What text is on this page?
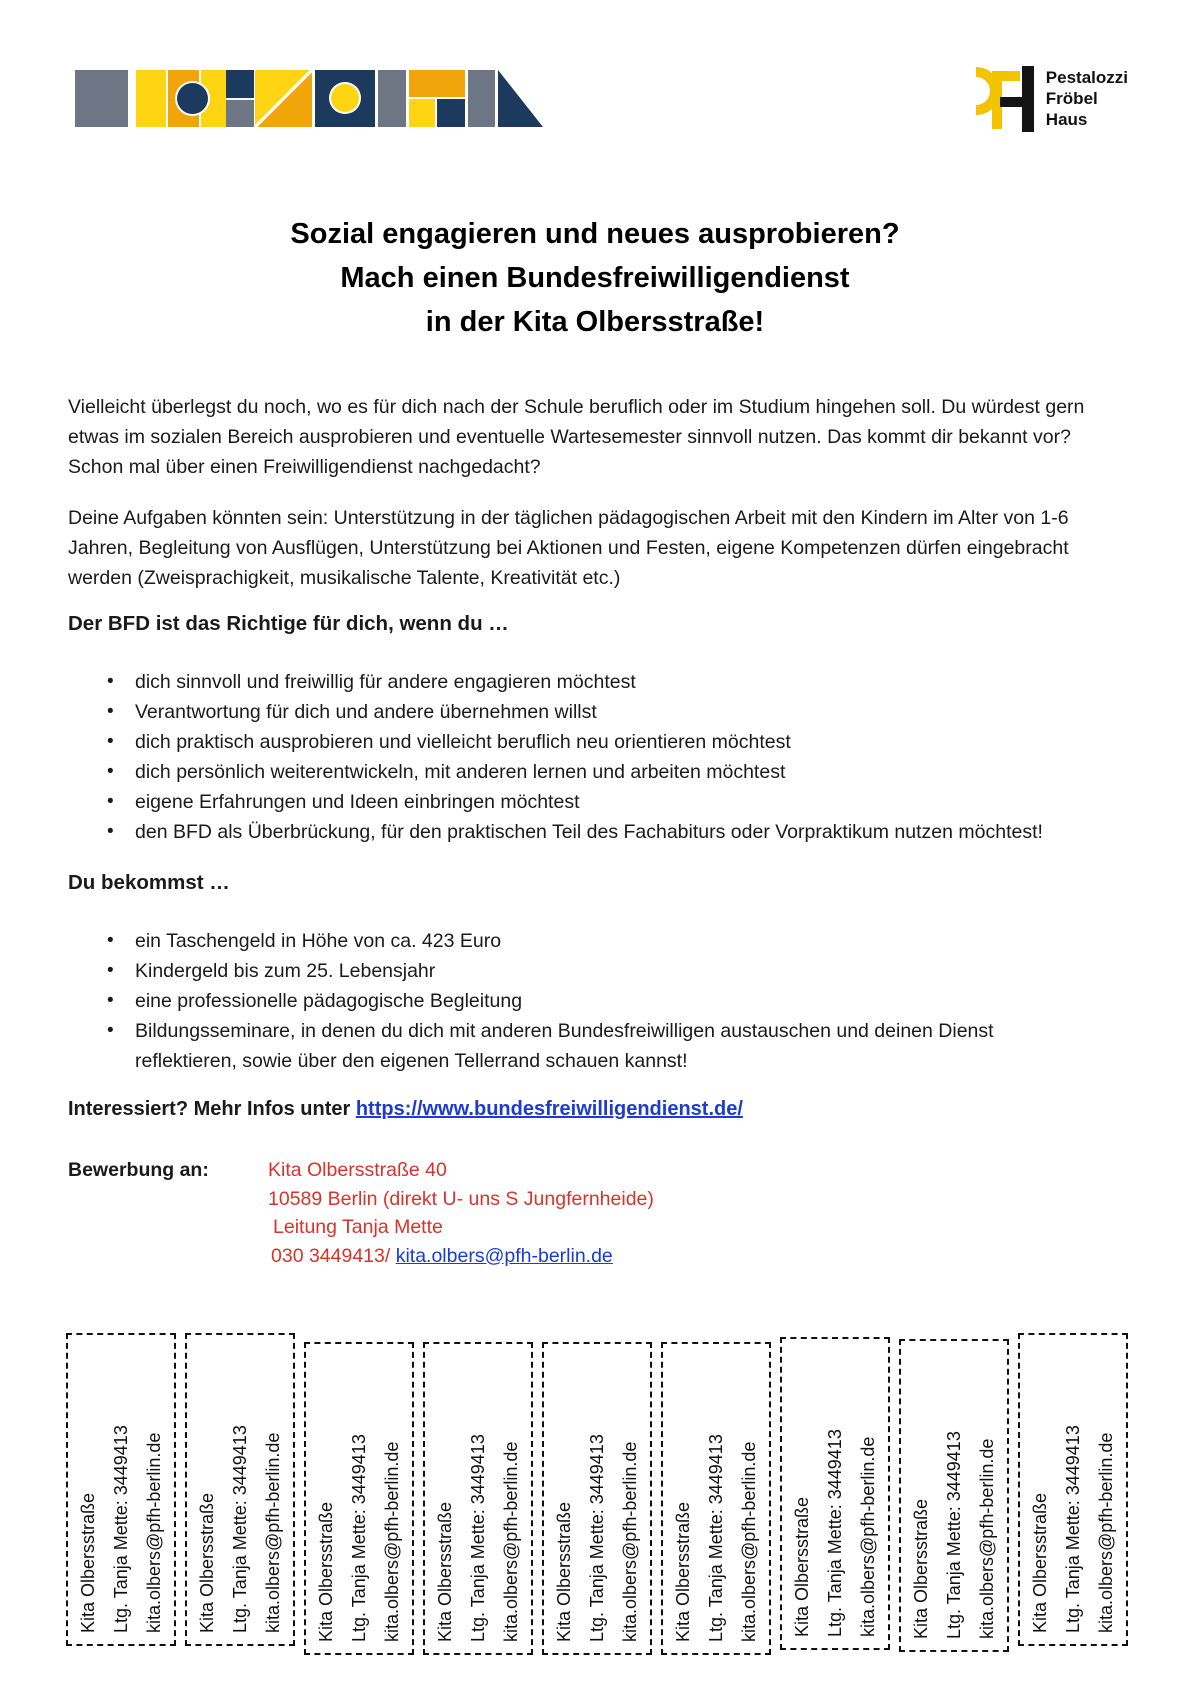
Pestalozzi
Fröbel
Haus
Sozial engagieren und neues ausprobieren?
Mach einen Bundesfreiwilligendienst
in der Kita Olbersstraße!

Vielleicht überlegst du noch, wo es für dich nach der Schule beruflich oder im Studium hingehen soll. Du würdest gern etwas im sozialen Bereich ausprobieren und eventuelle Wartesemester sinnvoll nutzen. Das kommt dir bekannt vor? Schon mal über einen Freiwilligendienst nachgedacht?

Deine Aufgaben könnten sein: Unterstützung in der täglichen pädagogischen Arbeit mit den Kindern im Alter von 1-6 Jahren, Begleitung von Ausflügen, Unterstützung bei Aktionen und Festen, eigene Kompetenzen dürfen eingebracht werden (Zweisprachigkeit, musikalische Talente, Kreativität etc.)

Der BFD ist das Richtige für dich, wenn du …
• dich sinnvoll und freiwillig für andere engagieren möchtest
• Verantwortung für dich und andere übernehmen willst
• dich praktisch ausprobieren und vielleicht beruflich neu orientieren möchtest
• dich persönlich weiterentwickeln, mit anderen lernen und arbeiten möchtest
• eigene Erfahrungen und Ideen einbringen möchtest
• den BFD als Überbrückung, für den praktischen Teil des Fachabiturs oder Vorpraktikum nutzen möchtest!
Du bekommst …
• ein Taschengeld in Höhe von ca. 423 Euro
• Kindergeld bis zum 25. Lebensjahr
• eine professionelle pädagogische Begleitung
• Bildungsseminare, in denen du dich mit anderen Bundesfreiwilligen austauschen und deinen Dienst reflektieren, sowie über den eigenen Tellerrand schauen kannst!
Interessiert? Mehr Infos unter https://www.bundesfreiwilligendienst.de/
Bewerbung an:	Kita Olbersstraße 40
10589 Berlin (direkt U- uns S Jungfernheide)
Leitung Tanja Mette
030 3449413/ kita.olbers@pfh-berlin.de
Kita Olbersstraße Ltg. Tanja Mette: 3449413 kita.olbers@pfh-berlin.de	Kita Olbersstraße Ltg. Tanja Mette: 3449413 kita.olbers@pfh-berlin.de	Kita Olbersstraße Ltg. Tanja Mette: 3449413 kita.olbers@pfh-berlin.de	Kita Olbersstraße Ltg. Tanja Mette: 3449413 kita.olbers@pfh-berlin.de	Kita Olbersstraße Ltg. Tanja Mette: 3449413 kita.olbers@pfh-berlin.de	Kita Olbersstraße Ltg. Tanja Mette: 3449413 kita.olbers@pfh-berlin.de	Kita Olbersstraße Ltg. Tanja Mette: 3449413 kita.olbers@pfh-berlin.de	Kita Olbersstraße Ltg. Tanja Mette: 3449413 kita.olbers@pfh-berlin.de	Kita Olbersstraße Ltg. Tanja Mette: 3449413 kita.olbers@pfh-berlin.de
